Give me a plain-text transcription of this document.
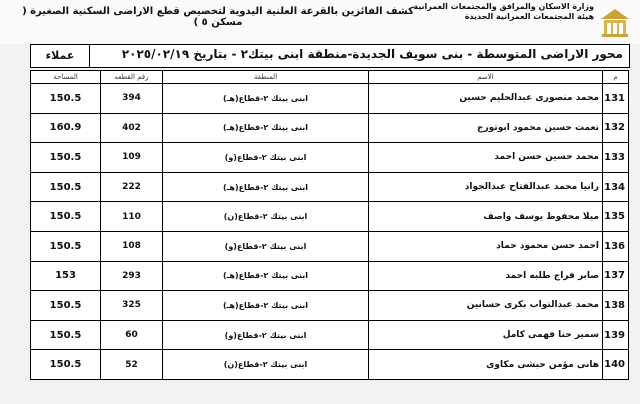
وزارة الاسكان والمرافق والمجتمعات العمرانية
هيئة المجتمعات العمرانية الجديدة
كشف الفائزين بالقرعة العلنية اليدوية لتخصيص قطع الاراضى السكنية الصغيرة ( مسكن ٥ )
محور الاراضى المتوسطة - بنى سويف الجديدة-منطقة ابنى بيتك٢ - بتاريخ ٢٠٢٥/٠٢/١٩
عملاء
م	الاسم	المنطقة	رقم القطعه	المساحة
131	محمد منصورى عبدالحليم حسين	ابنى بيتك ٢-قطاع(هـ)	394	150.5
132	نعمت حسين محمود ابوتورج	ابنى بيتك ٢-قطاع(هـ)	402	160.9
133	محمد حسين حسن احمد	ابنى بيتك ٢-قطاع(و)	109	150.5
134	رانيا محمد عبدالفتاح عبدالجواد	ابنى بيتك ٢-قطاع(هـ)	222	150.5
135	ميلا محفوظ يوسف واصف	ابنى بيتك ٢-قطاع(ن)	110	150.5
136	احمد حسن محمود حماد	ابنى بيتك ٢-قطاع(و)	108	150.5
137	صابر فراج طلبه احمد	ابنى بيتك ٢-قطاع(هـ)	293	153
138	محمد عبدالتواب بكرى حسانين	ابنى بيتك ٢-قطاع(هـ)	325	150.5
139	سمير حنا فهمى كامل	ابنى بيتك ٢-قطاع(و)	60	150.5
140	هانى مؤمن حبشى مكاوى	ابنى بيتك ٢-قطاع(ن)	52	150.5
